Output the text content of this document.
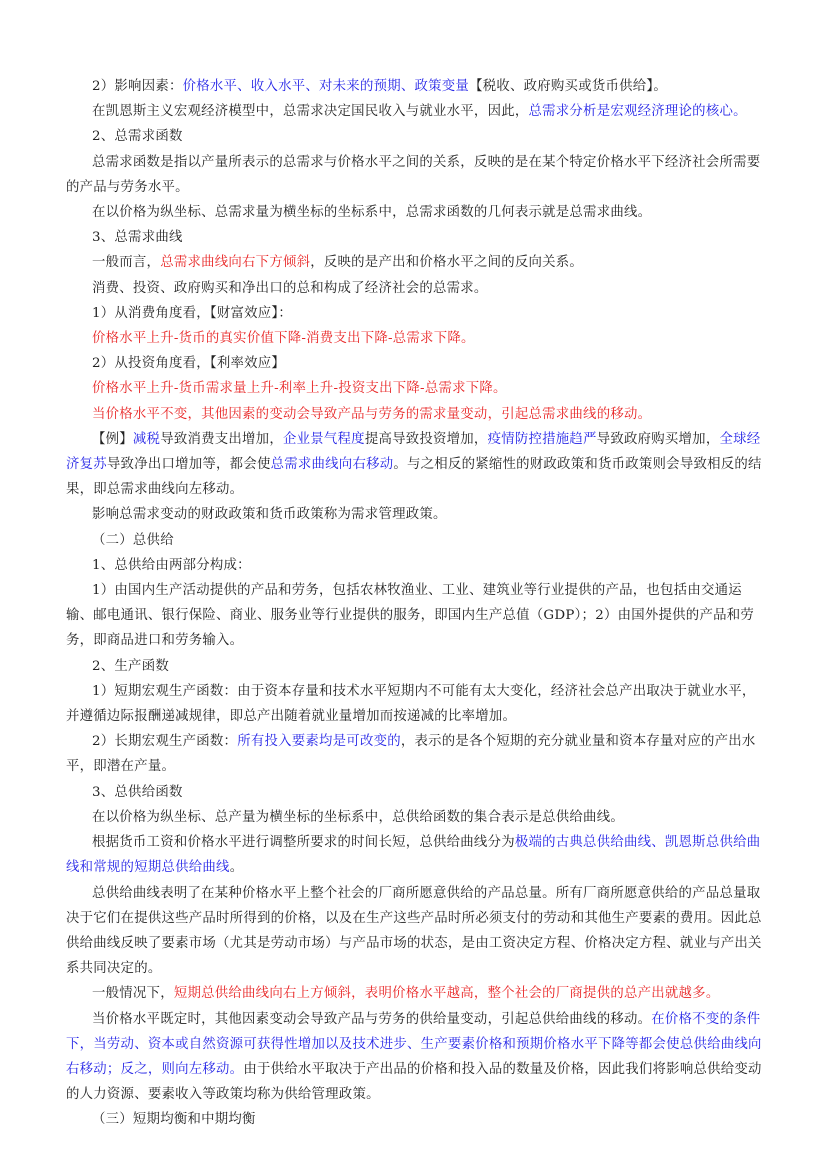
2）影响因素：价格水平、收入水平、对未来的预期、政策变量【税收、政府购买或货币供给】。

在凯恩斯主义宏观经济模型中，总需求决定国民收入与就业水平，因此，总需求分析是宏观经济理论的核心。

2、总需求函数

总需求函数是指以产量所表示的总需求与价格水平之间的关系，反映的是在某个特定价格水平下经济社会所需要的产品与劳务水平。

在以价格为纵坐标、总需求量为横坐标的坐标系中，总需求函数的几何表示就是总需求曲线。

3、总需求曲线

一般而言，总需求曲线向右下方倾斜，反映的是产出和价格水平之间的反向关系。

消费、投资、政府购买和净出口的总和构成了经济社会的总需求。

1）从消费角度看，【财富效应】：

价格水平上升-货币的真实价值下降-消费支出下降-总需求下降。

2）从投资角度看，【利率效应】

价格水平上升-货币需求量上升-利率上升-投资支出下降-总需求下降。

当价格水平不变，其他因素的变动会导致产品与劳务的需求量变动，引起总需求曲线的移动。

【例】减税导致消费支出增加，企业景气程度提高导致投资增加，疫情防控措施趋严导致政府购买增加，全球经济复苏导致净出口增加等，都会使总需求曲线向右移动。与之相反的紧缩性的财政政策和货币政策则会导致相反的结果，即总需求曲线向左移动。

影响总需求变动的财政政策和货币政策称为需求管理政策。

（二）总供给

1、总供给由两部分构成：

1）由国内生产活动提供的产品和劳务，包括农林牧渔业、工业、建筑业等行业提供的产品，也包括由交通运输、邮电通讯、银行保险、商业、服务业等行业提供的服务，即国内生产总值（GDP）；2）由国外提供的产品和劳务，即商品进口和劳务输入。

2、生产函数

1）短期宏观生产函数：由于资本存量和技术水平短期内不可能有太大变化，经济社会总产出取决于就业水平，并遵循边际报酬递减规律，即总产出随着就业量增加而按递减的比率增加。

2）长期宏观生产函数：所有投入要素均是可改变的，表示的是各个短期的充分就业量和资本存量对应的产出水平，即潜在产量。

3、总供给函数

在以价格为纵坐标、总产量为横坐标的坐标系中，总供给函数的集合表示是总供给曲线。

根据货币工资和价格水平进行调整所要求的时间长短，总供给曲线分为极端的古典总供给曲线、凯恩斯总供给曲线和常规的短期总供给曲线。

总供给曲线表明了在某种价格水平上整个社会的厂商所愿意供给的产品总量。所有厂商所愿意供给的产品总量取决于它们在提供这些产品时所得到的价格，以及在生产这些产品时所必须支付的劳动和其他生产要素的费用。因此总供给曲线反映了要素市场（尤其是劳动市场）与产品市场的状态，是由工资决定方程、价格决定方程、就业与产出关系共同决定的。

一般情况下，短期总供给曲线向右上方倾斜，表明价格水平越高，整个社会的厂商提供的总产出就越多。

当价格水平既定时，其他因素变动会导致产品与劳务的供给量变动，引起总供给曲线的移动。在价格不变的条件下，当劳动、资本或自然资源可获得性增加以及技术进步、生产要素价格和预期价格水平下降等都会使总供给曲线向右移动；反之，则向左移动。由于供给水平取决于产出品的价格和投入品的数量及价格，因此我们将影响总供给变动的人力资源、要素收入等政策均称为供给管理政策。

（三）短期均衡和中期均衡
